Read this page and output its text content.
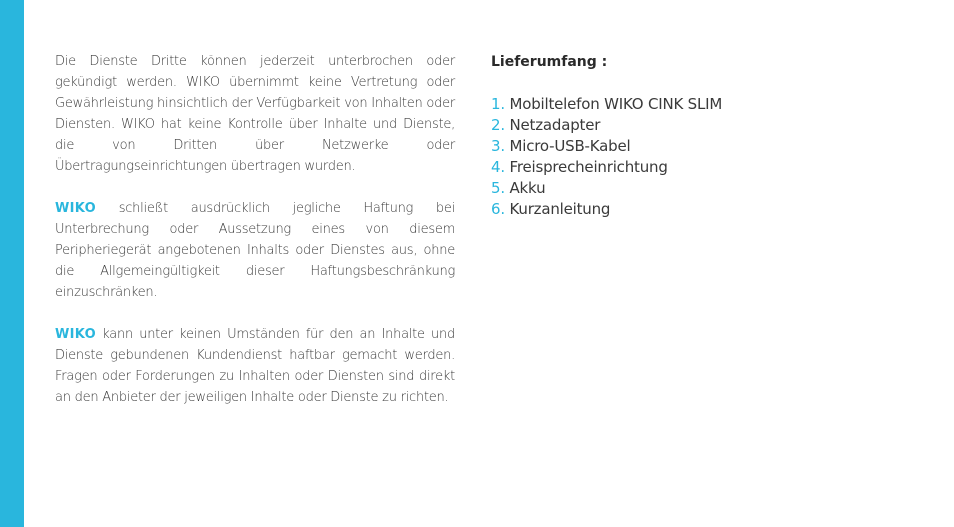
Die Dienste Dritte können jederzeit unterbrochen oder gekündigt werden. WIKO übernimmt keine Vertretung oder Gewährleistung hinsichtlich der Verfügbarkeit von Inhalten oder Diensten. WIKO hat keine Kontrolle über Inhalte und Dienste, die von Dritten über Netzwerke oder Übertragungseinrichtungen übertragen wurden.

WIKO schließt ausdrücklich jegliche Haftung bei Unterbrechung oder Aussetzung eines von diesem Peripheriegerät angebotenen Inhalts oder Dienstes aus, ohne die Allgemeingültigkeit dieser Haftungsbeschränkung einzuschränken.

WIKO kann unter keinen Umständen für den an Inhalte und Dienste gebundenen Kundendienst haftbar gemacht werden. Fragen oder Forderungen zu Inhalten oder Diensten sind direkt an den Anbieter der jeweiligen Inhalte oder Dienste zu richten.

Lieferumfang :
1. Mobiltelefon WIKO CINK SLIM
2. Netzadapter
3. Micro-USB-Kabel
4. Freisprecheinrichtung
5. Akku
6. Kurzanleitung
